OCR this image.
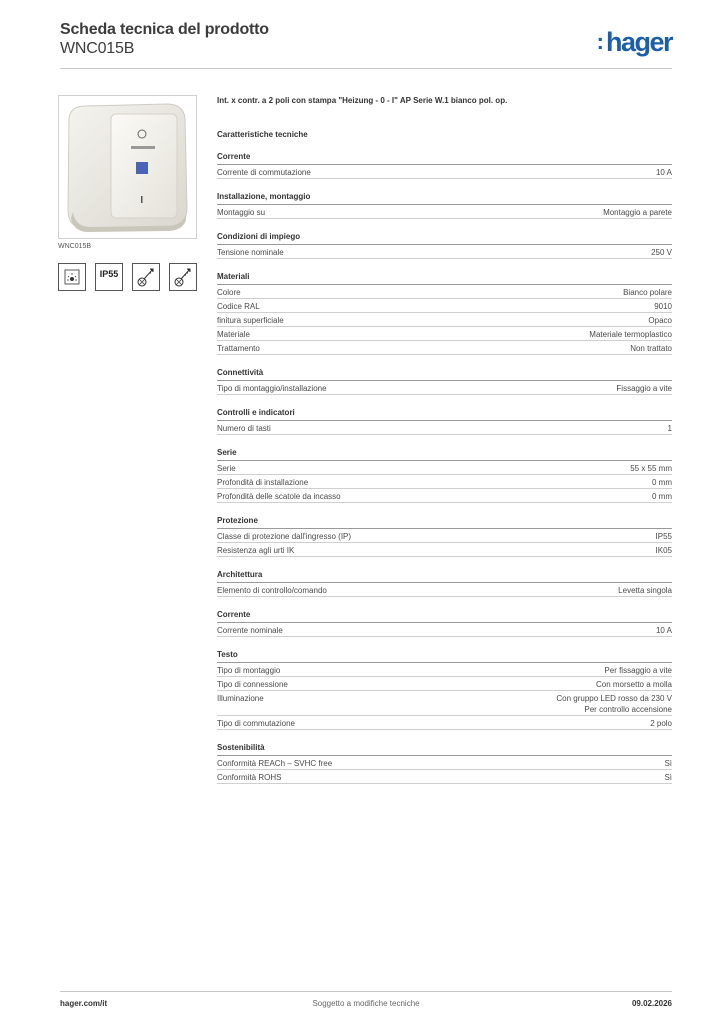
Scheda tecnica del prodotto
WNC015B	:hager
WNC015B
IP55
Int. x contr. a 2 poli con stampa "Heizung - 0 - I" AP Serie W.1 bianco pol. op.
Caratteristiche tecniche
Corrente
Corrente di commutazione	10 A
Installazione, montaggio
Montaggio su	Montaggio a parete
Condizioni di impiego
Tensione nominale	250 V
Materiali
Colore	Bianco polare
Codice RAL	9010
finitura superficiale	Opaco
Materiale	Materiale termoplastico
Trattamento	Non trattato
Connettività
Tipo di montaggio/installazione	Fissaggio a vite
Controlli e indicatori
Numero di tasti	1
Serie
Serie	55 x 55 mm
Profondità di installazione	0 mm
Profondità delle scatole da incasso	0 mm
Protezione
Classe di protezione dall'ingresso (IP)	IP55
Resistenza agli urti IK	IK05
Architettura
Elemento di controllo/comando	Levetta singola
Corrente
Corrente nominale	10 A
Testo
Tipo di montaggio	Per fissaggio a vite
Tipo di connessione	Con morsetto a molla
Illuminazione	Con gruppo LED rosso da 230 V
Per controllo accensione
Tipo di commutazione	2 polo
Sostenibilità
Conformità REACh – SVHC free	Sì
Conformità ROHS	Sì
hager.com/it	Soggetto a modifiche tecniche	09.02.2026
